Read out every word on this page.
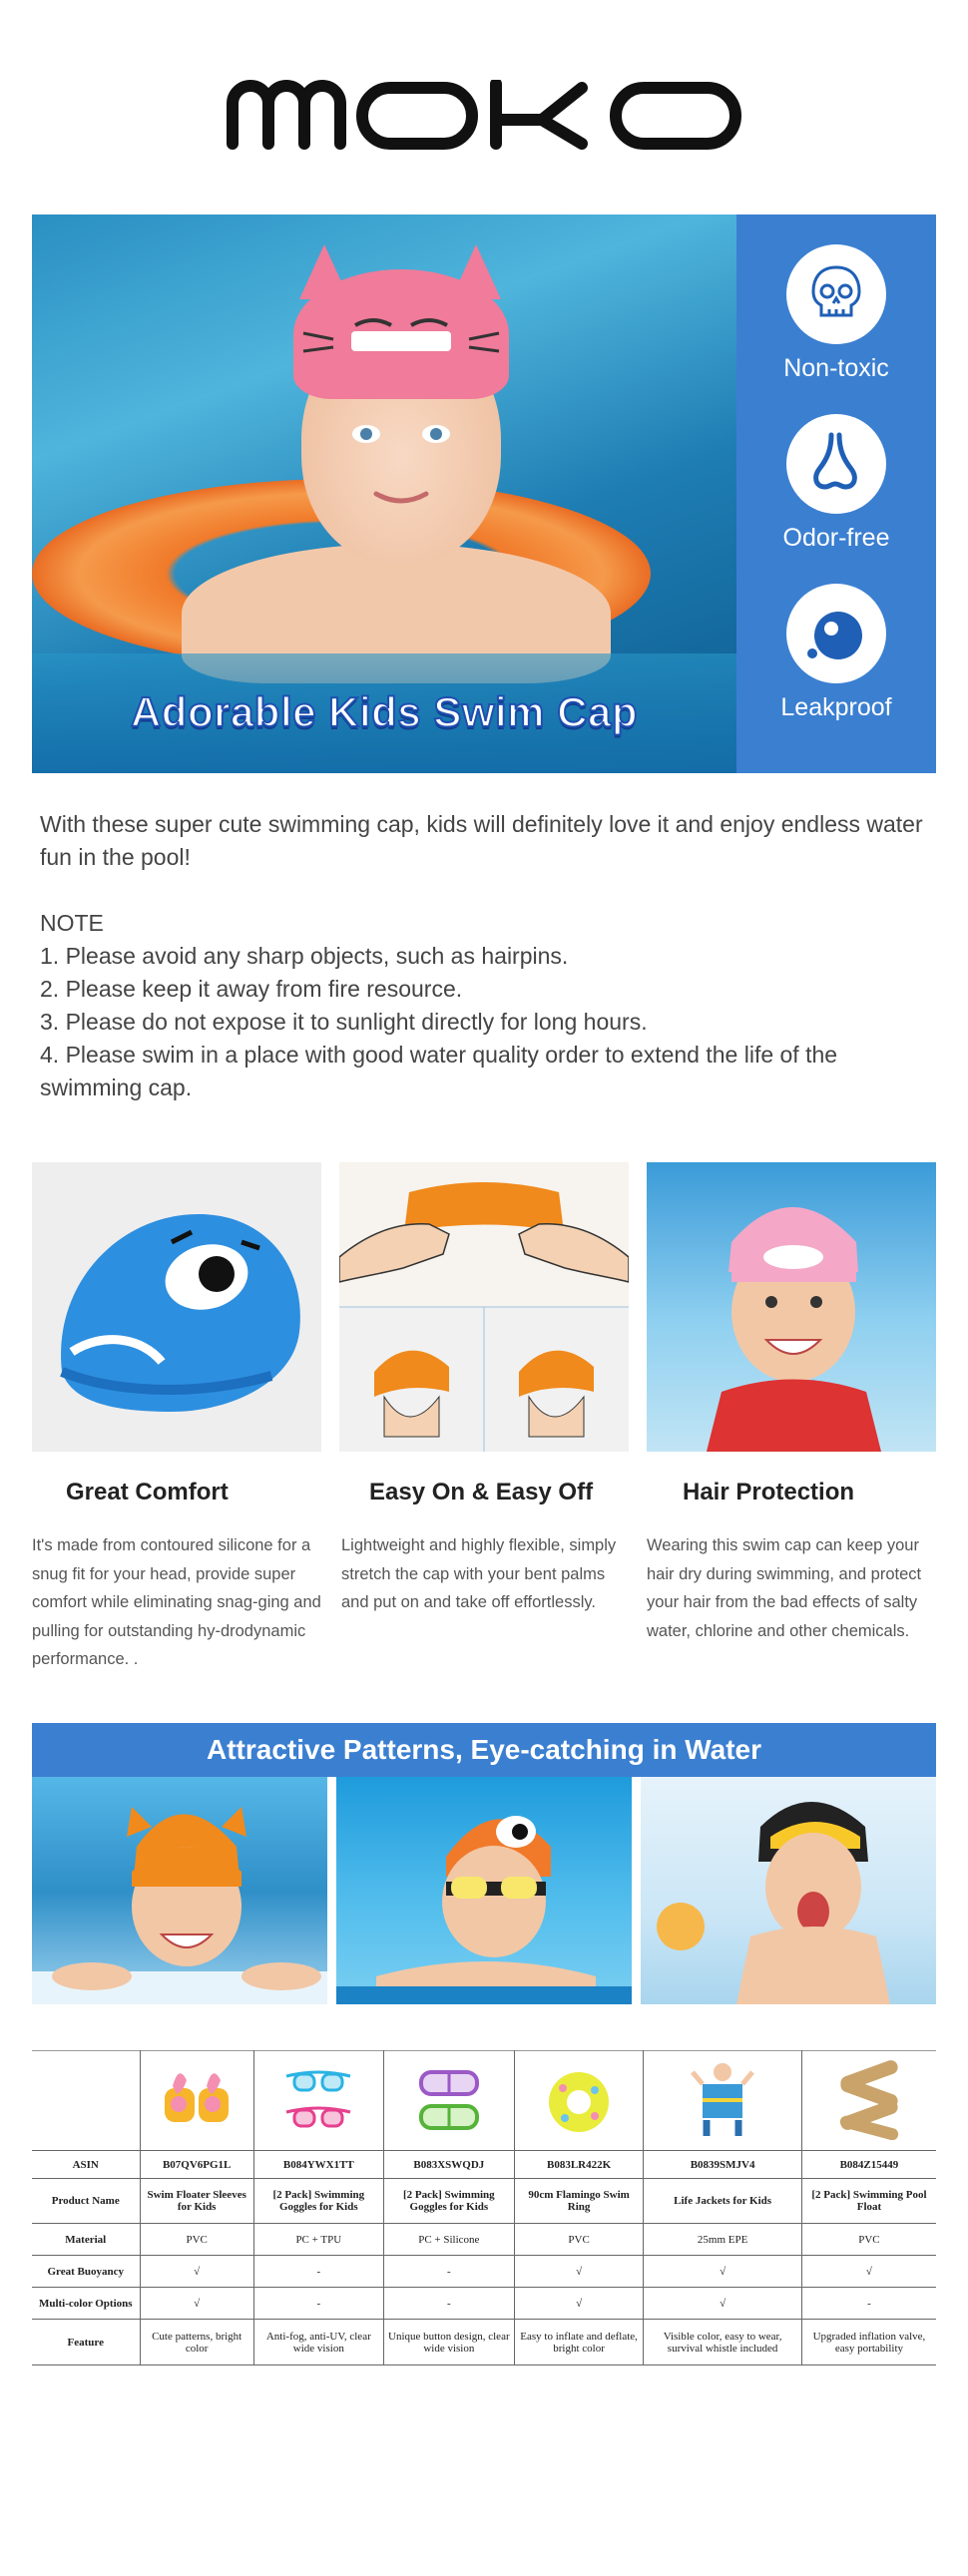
Adorable Kids Swim Cap
Non-toxic
Odor-free
Leakproof

With these super cute swimming cap, kids will definitely love it and enjoy endless water fun in the pool!

NOTE

1. Please avoid any sharp objects, such as hairpins.

2. Please keep it away from fire resource.

3. Please do not expose it to sunlight directly for long hours.

4. Please swim in a place with good water quality order to extend the life of the swimming cap.

Great Comfort	Easy On & Easy Off	Hair Protection
It's made from contoured silicone for a snug fit for your head, provide super comfort while eliminating snag-ging and pulling for outstanding hy-drodynamic performance. .
Lightweight and highly flexible, simply stretch the cap with your bent palms and put on and take off effortlessly.
Wearing this swim cap can keep your hair dry during swimming, and protect your hair from the bad effects of salty water, chlorine and other chemicals.
Attractive Patterns, Eye-catching in Water

ASIN	B07QV6PG1L	B084YWX1TT	B083XSWQDJ	B083LR422K	B0839SMJV4	B084Z15449
Product Name	Swim Floater Sleeves for Kids	[2 Pack] Swimming Goggles for Kids	[2 Pack] Swimming Goggles for Kids	90cm Flamingo Swim Ring	Life Jackets for Kids	[2 Pack] Swimming Pool Float
Material	PVC	PC + TPU	PC + Silicone	PVC	25mm EPE	PVC
Great Buoyancy	√	-	-	√	√	√
Multi-color Options	√	-	-	√	√	-
Feature	Cute patterns, bright color	Anti-fog, anti-UV, clear wide vision	Unique button design, clear wide vision	Easy to inflate and deflate, bright color	Visible color, easy to wear, survival whistle included	Upgraded inflation valve, easy portability
